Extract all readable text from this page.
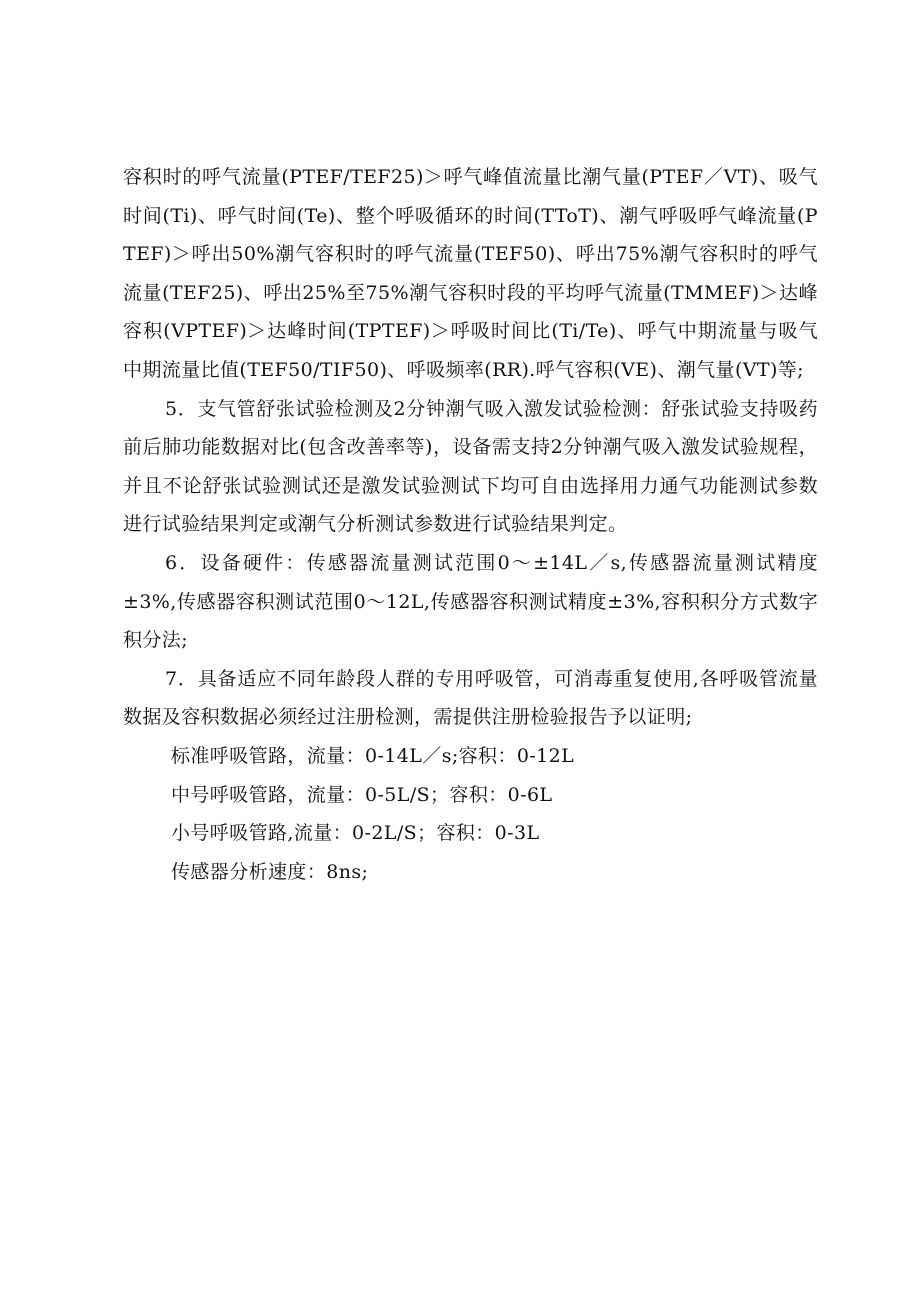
容积时的呼气流量(PTEF/TEF25)＞呼气峰值流量比潮气量(PTEF／VT)、吸气时间(Ti)、呼气时间(Te)、整个呼吸循环的时间(TToT)、潮气呼吸呼气峰流量(PTEF)＞呼出50%潮气容积时的呼气流量(TEF50)、呼出75%潮气容积时的呼气流量(TEF25)、呼出25%至75%潮气容积时段的平均呼气流量(TMMEF)＞达峰容积(VPTEF)＞达峰时间(TPTEF)＞呼吸时间比(Ti/Te)、呼气中期流量与吸气中期流量比值(TEF50/TIF50)、呼吸频率(RR).呼气容积(VE)、潮气量(VT)等;

5．支气管舒张试验检测及2分钟潮气吸入激发试验检测：舒张试验支持吸药前后肺功能数据对比(包含改善率等)，设备需支持2分钟潮气吸入激发试验规程，并且不论舒张试验测试还是激发试验测试下均可自由选择用力通气功能测试参数进行试验结果判定或潮气分析测试参数进行试验结果判定。

6．设备硬件：传感器流量测试范围0～±14L／s,传感器流量测试精度±3%,传感器容积测试范围0～12L,传感器容积测试精度±3%,容积积分方式数字积分法;

7．具备适应不同年龄段人群的专用呼吸管，可消毒重复使用,各呼吸管流量数据及容积数据必须经过注册检测，需提供注册检验报告予以证明;

标准呼吸管路，流量：0-14L／s;容积：0-12L

中号呼吸管路，流量：0-5L/S；容积：0-6L

小号呼吸管路,流量：0-2L/S；容积：0-3L

传感器分析速度：8ns;
